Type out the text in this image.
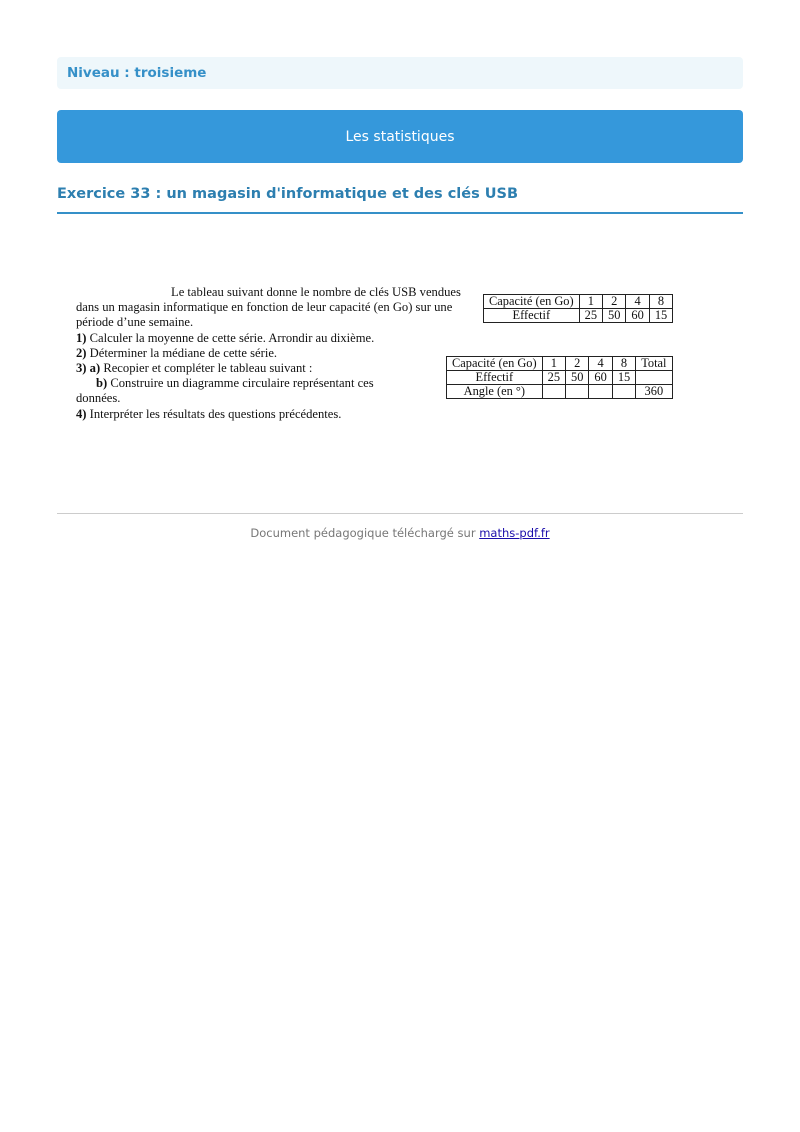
Niveau : troisieme
Les statistiques
Exercice 33 : un magasin d'informatique et des clés USB
Le tableau suivant donne le nombre de clés USB vendues
dans un magasin informatique en fonction de leur capacité (en Go) sur une
période d’une semaine.
1) Calculer la moyenne de cette série. Arrondir au dixième.
2) Déterminer la médiane de cette série.
3) a) Recopier et compléter le tableau suivant :
b) Construire un diagramme circulaire représentant ces
données.
4) Interpréter les résultats des questions précédentes.
Capacité (en Go)	1	2	4	8
Effectif	25	50	60	15
Capacité (en Go)	1	2	4	8	Total
Effectif	25	50	60	15	
Angle (en °)					360
Document pédagogique téléchargé sur maths-pdf.fr
